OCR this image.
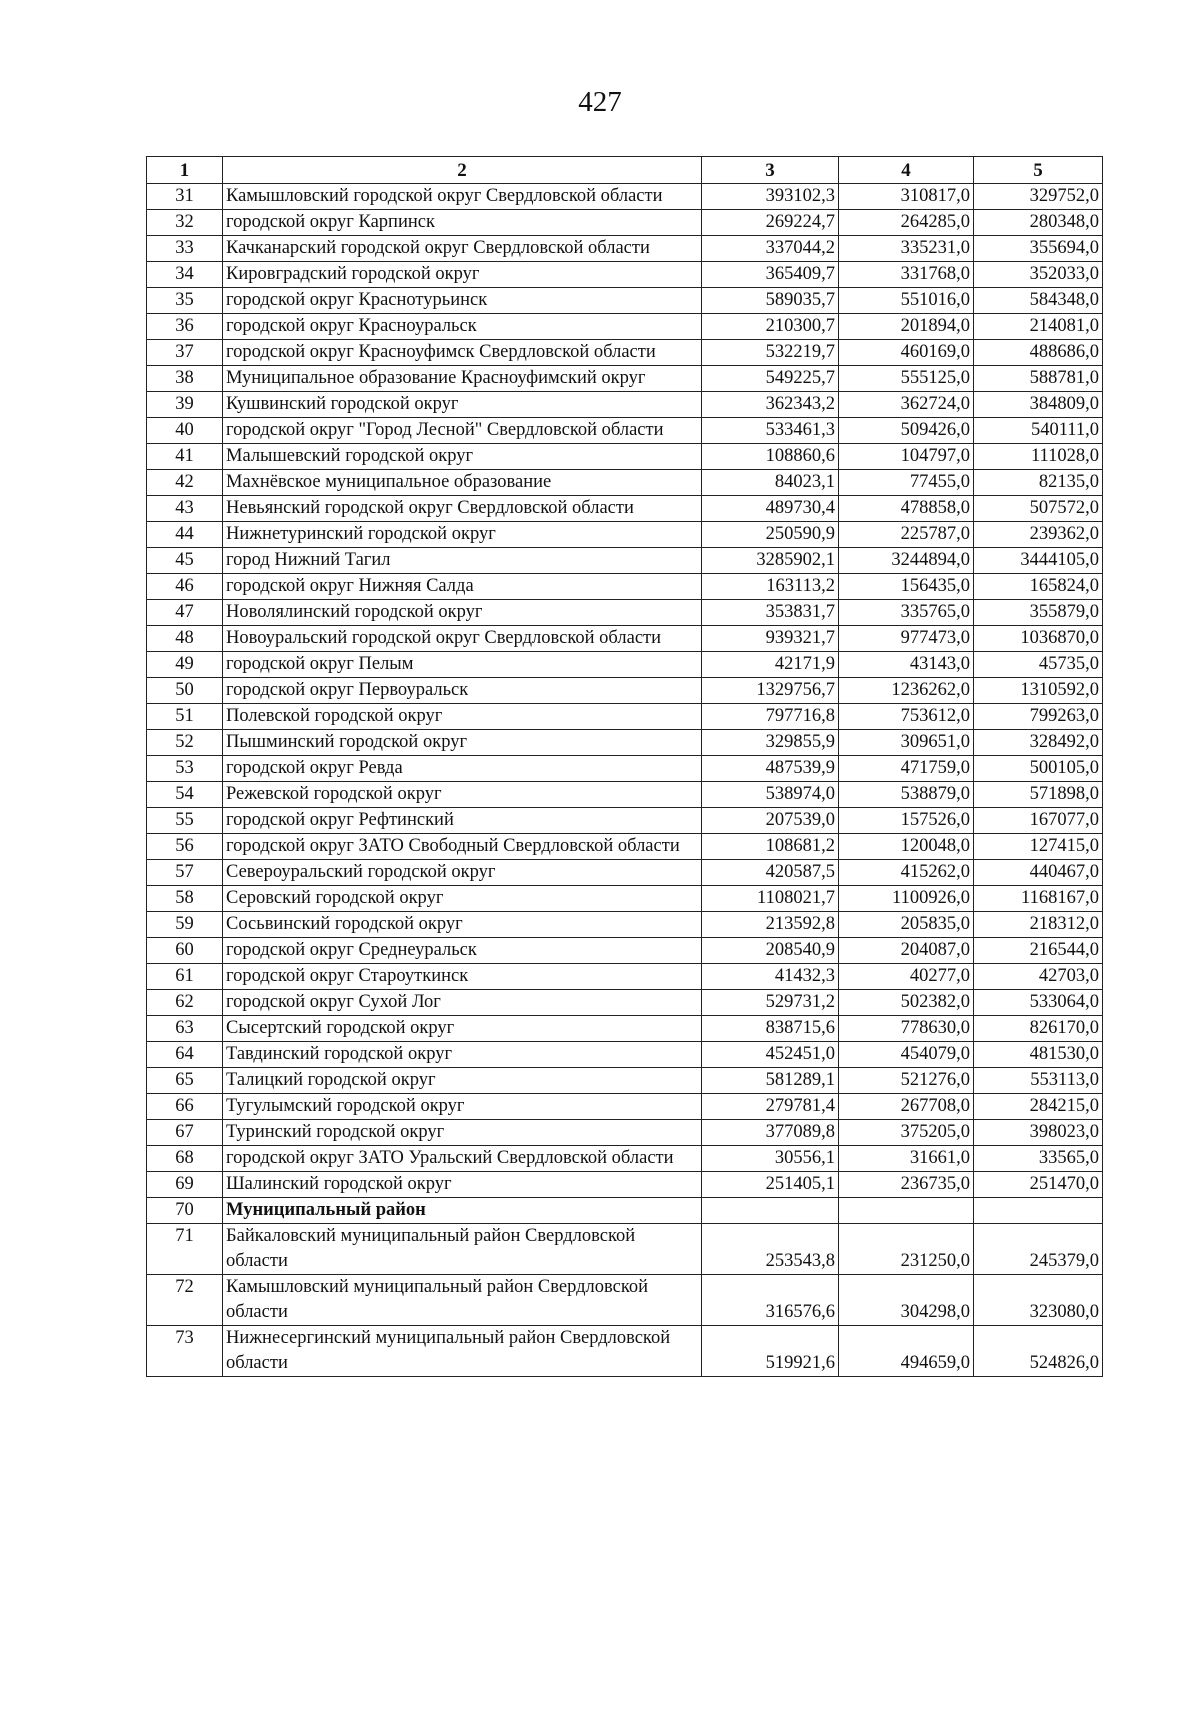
427
1	2	3	4	5
31	Камышловский городской округ Свердловской области	393102,3	310817,0	329752,0
32	городской округ Карпинск	269224,7	264285,0	280348,0
33	Качканарский городской округ Свердловской области	337044,2	335231,0	355694,0
34	Кировградский городской округ	365409,7	331768,0	352033,0
35	городской округ Краснотурьинск	589035,7	551016,0	584348,0
36	городской округ Красноуральск	210300,7	201894,0	214081,0
37	городской округ Красноуфимск Свердловской области	532219,7	460169,0	488686,0
38	Муниципальное образование Красноуфимский округ	549225,7	555125,0	588781,0
39	Кушвинский городской округ	362343,2	362724,0	384809,0
40	городской округ "Город Лесной" Свердловской области	533461,3	509426,0	540111,0
41	Малышевский городской округ	108860,6	104797,0	111028,0
42	Махнёвское муниципальное образование	84023,1	77455,0	82135,0
43	Невьянский городской округ Свердловской области	489730,4	478858,0	507572,0
44	Нижнетуринский городской округ	250590,9	225787,0	239362,0
45	город Нижний Тагил	3285902,1	3244894,0	3444105,0
46	городской округ Нижняя Салда	163113,2	156435,0	165824,0
47	Новолялинский городской округ	353831,7	335765,0	355879,0
48	Новоуральский городской округ Свердловской области	939321,7	977473,0	1036870,0
49	городской округ Пелым	42171,9	43143,0	45735,0
50	городской округ Первоуральск	1329756,7	1236262,0	1310592,0
51	Полевской городской округ	797716,8	753612,0	799263,0
52	Пышминский городской округ	329855,9	309651,0	328492,0
53	городской округ Ревда	487539,9	471759,0	500105,0
54	Режевской городской округ	538974,0	538879,0	571898,0
55	городской округ Рефтинский	207539,0	157526,0	167077,0
56	городской округ ЗАТО Свободный Свердловской области	108681,2	120048,0	127415,0
57	Североуральский городской округ	420587,5	415262,0	440467,0
58	Серовский городской округ	1108021,7	1100926,0	1168167,0
59	Сосьвинский городской округ	213592,8	205835,0	218312,0
60	городской округ Среднеуральск	208540,9	204087,0	216544,0
61	городской округ Староуткинск	41432,3	40277,0	42703,0
62	городской округ Сухой Лог	529731,2	502382,0	533064,0
63	Сысертский городской округ	838715,6	778630,0	826170,0
64	Тавдинский городской округ	452451,0	454079,0	481530,0
65	Талицкий городской округ	581289,1	521276,0	553113,0
66	Тугулымский городской округ	279781,4	267708,0	284215,0
67	Туринский городской округ	377089,8	375205,0	398023,0
68	городской округ ЗАТО Уральский Свердловской области	30556,1	31661,0	33565,0
69	Шалинский городской округ	251405,1	236735,0	251470,0
70	Муниципальный район			
71	Байкаловский муниципальный район Свердловской области	253543,8	231250,0	245379,0
72	Камышловский муниципальный район Свердловской области	316576,6	304298,0	323080,0
73	Нижнесергинский муниципальный район Свердловской области	519921,6	494659,0	524826,0
